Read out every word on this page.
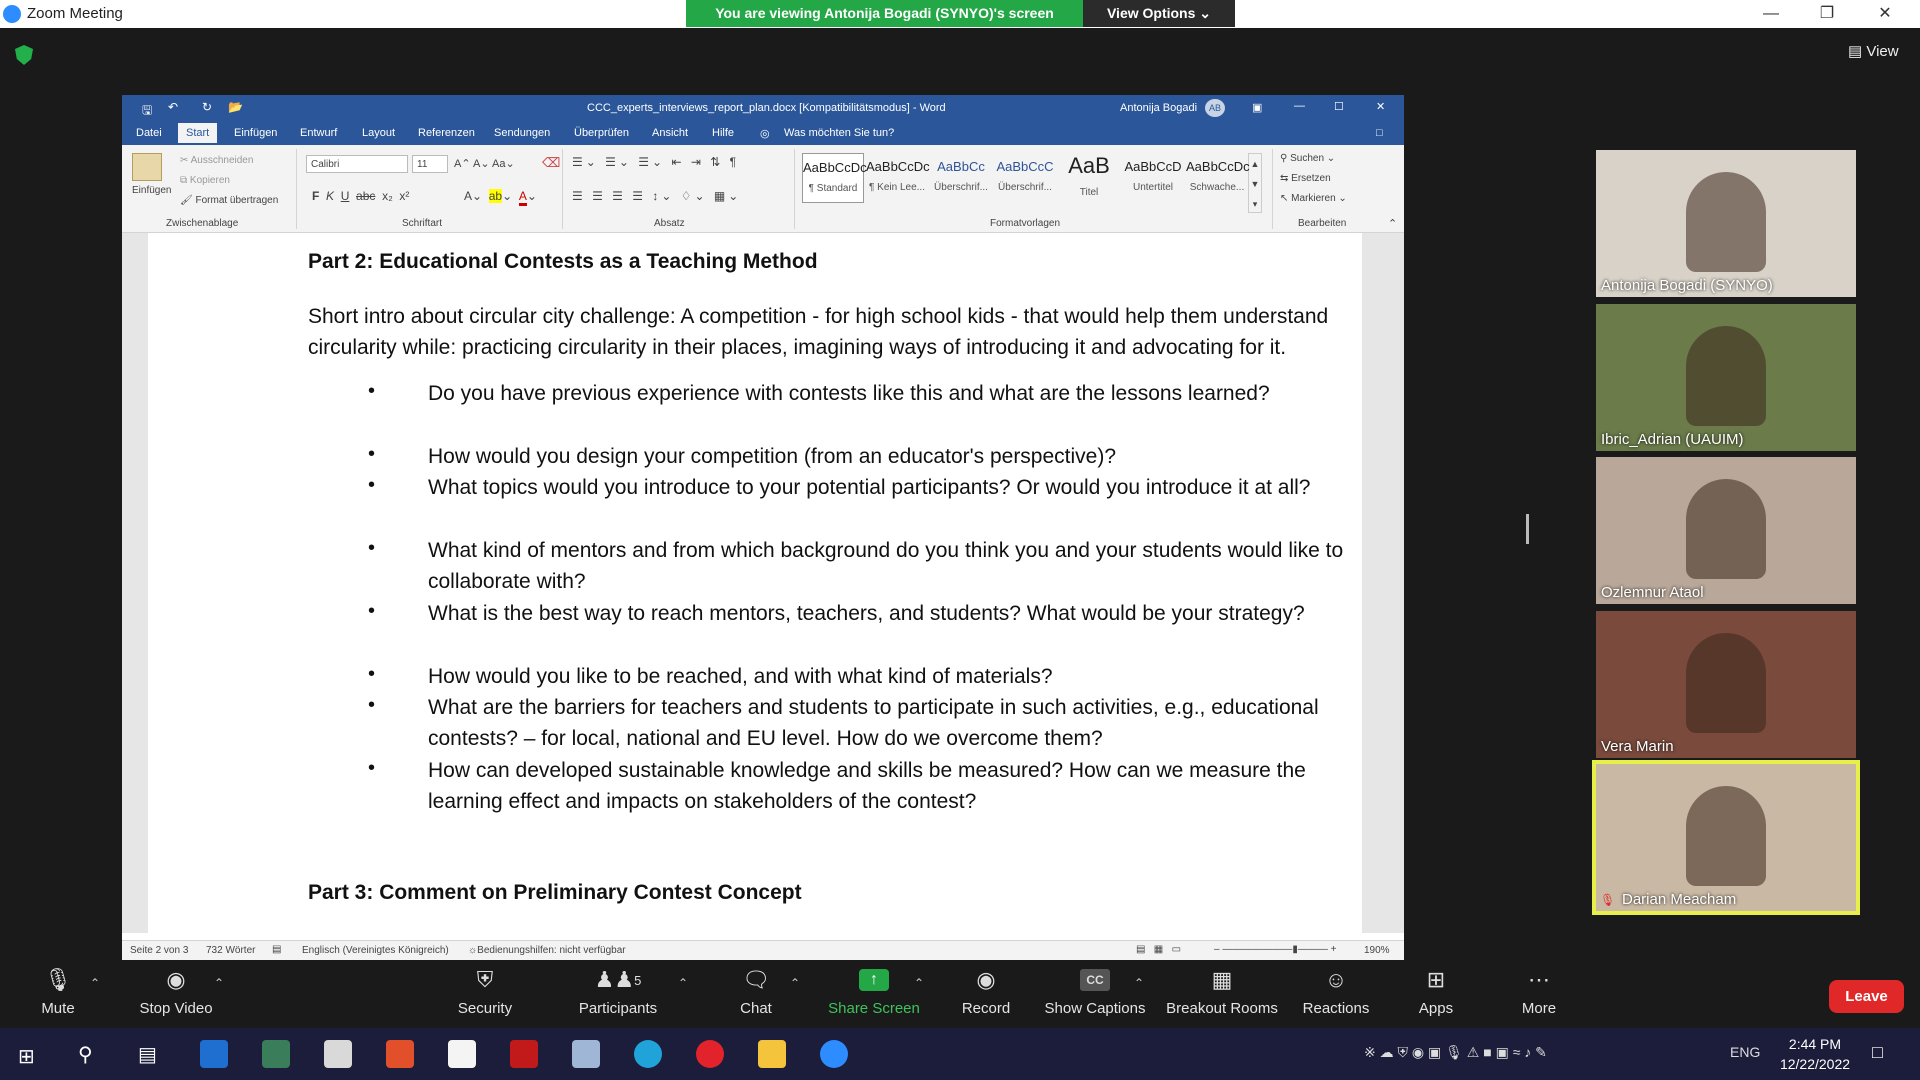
Zoom Meeting	You are viewing Antonija Bogadi (SYNYO)'s screen	View Options ⌄	—	❐	✕
▤ View
🖫 ↶ ↻ 📂	CCC_experts_interviews_report_plan.docx [Kompatibilitätsmodus] - Word	Antonija Bogadi	AB	▣	—	☐	✕
Datei	Start	Einfügen Entwurf Layout Referenzen Sendungen Überprüfen Ansicht Hilfe ◎ Was möchten Sie tun?	□
Einfügen
✂ Ausschneiden
⧉ Kopieren
🖌 Format übertragen
Zwischenablage
Calibri	11	A⌃ A⌄ Aa⌄ ⌫
F K U abc  x₂  x²	A⌄  ab⌄  A⌄
Schriftart
☰⌄ ☰⌄ ☰⌄ ⇤ ⇥ ⇅ ¶
☰ ☰ ☰ ☰ ↕⌄ ♢⌄ ▦⌄
Absatz
▲
▼
▾
Formatvorlagen
⚲ Suchen ⌄
⇆ Ersetzen
↖ Markieren ⌄
Bearbeiten	⌃
AaBbCcDc
¶ Standard
AaBbCcDc
¶ Kein Lee...
AaBbCc
Überschrif...
AaBbCcC
Überschrif...
AaB
Titel
AaBbCcD
Untertitel
AaBbCcDc
Schwache...
Part 2: Educational Contests as a Teaching Method
Short intro about circular city challenge: A competition - for high school kids - that would help them understand circularity while: practicing circularity in their places, imagining ways of introducing it and advocating for it.
Part 3: Comment on Preliminary Contest Concept
•	Do you have previous experience with contests like this and what are the lessons learned?
•	How would you design your competition (from an educator's perspective)?
•	What topics would you introduce to your potential participants? Or would you introduce it at all?
•	What kind of mentors and from which background do you think you and your students would like to collaborate with?
•	What is the best way to reach mentors, teachers, and students? What would be your strategy?
•	How would you like to be reached, and with what kind of materials?
•	What are the barriers for teachers and students to participate in such activities, e.g., educational contests? – for local, national and EU level. How do we overcome them?
•	How can developed sustainable knowledge and skills be measured? How can we measure the learning effect and impacts on stakeholders of the contest?
Seite 2 von 3 732 Wörter ▤ Englisch (Vereinigtes Königreich) ☼Bedienungshilfen: nicht verfügbar	▤   ▦   ▭	– ———————▮——— +	190%
Antonija Bogadi (SYNYO)
Ibric_Adrian (UAUIM)
Ozlemnur Ataol
Vera Marin
🎙 Darian Meacham
🎙
Mute
⌃	◉
Stop Video
⌃	⛨
Security
♟♟ 5
Participants
⌃	🗨
Chat
⌃	↑
Share Screen
⌃	◉
Record
CC
Show Captions
⌃	▦
Breakout Rooms
☺
Reactions
⊞
Apps
⋯
More
Leave
⊞ ⚲ ▤	※ ☁ ⛨ ◉ ▣ 🎙 ⚠ ■ ▣ ≈ ♪ ✎	ENG	2:44 PM
12/22/2022
□
